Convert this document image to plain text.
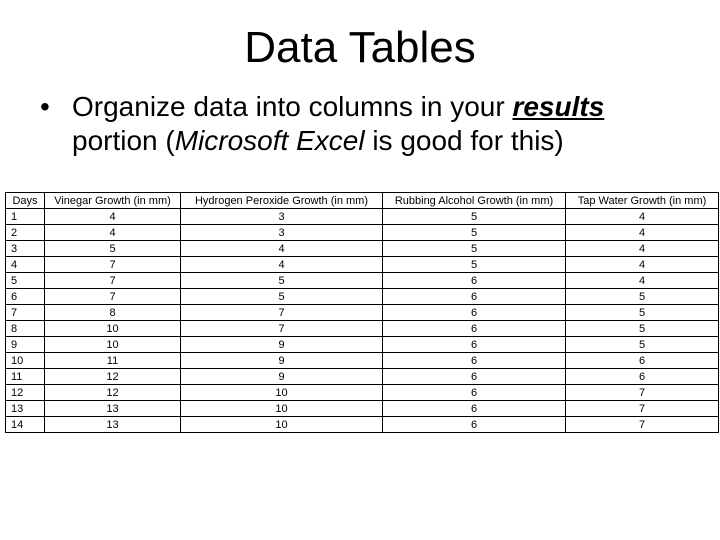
Data Tables
• Organize data into columns in your results portion (Microsoft Excel is good for this)
Days	Vinegar Growth (in mm)	Hydrogen Peroxide Growth (in mm)	Rubbing Alcohol Growth (in mm)	Tap Water Growth (in mm)
1	4	3	5	4
2	4	3	5	4
3	5	4	5	4
4	7	4	5	4
5	7	5	6	4
6	7	5	6	5
7	8	7	6	5
8	10	7	6	5
9	10	9	6	5
10	11	9	6	6
11	12	9	6	6
12	12	10	6	7
13	13	10	6	7
14	13	10	6	7
